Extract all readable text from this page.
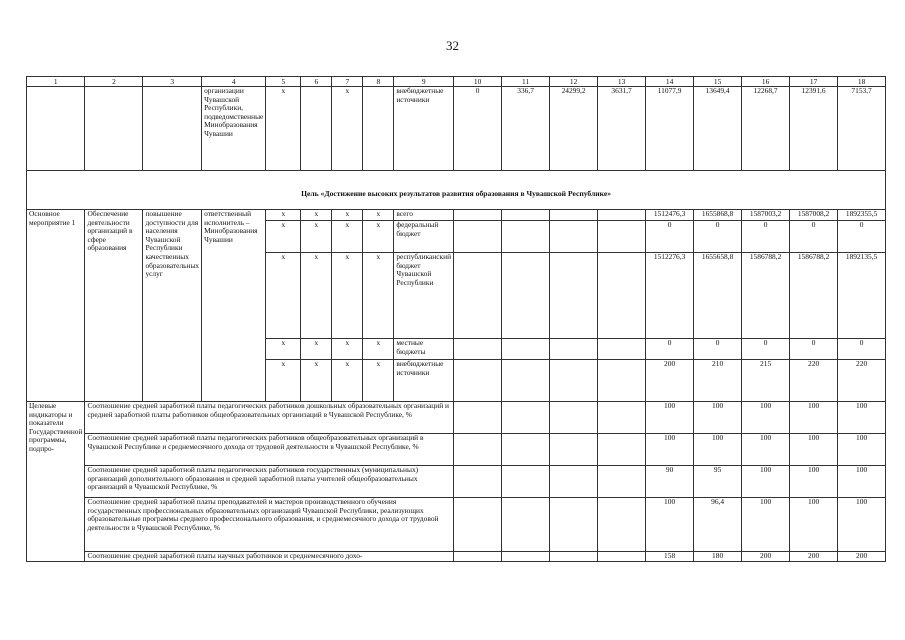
32
1	2	3	4	5	6	7	8	9	10	11	12	13	14	15	16	17	18
			организации Чувашской Республики, подведомственные Минобразования Чувашии	x		x		внебюджетные источники	0	336,7	24299,2	3631,7	11077,9	13649,4	12268,7	12391,6	7153,7
Цель «Достижение высоких результатов развития образования в Чувашской Республике»																	
Основное мероприятие 1	Обеспечение деятельности организаций в сфере образования	повышение доступности для населения Чувашской Республики качественных образовательных услуг	ответственный исполнитель – Минобразования Чувашии	x	x	x	x	всего					1512476,3	1655868,8	1587003,2	1587008,2	1892355,5
				x	x	x	x	федеральный бюджет					0	0	0	0	0
				x	x	x	x	республиканский бюджет Чувашской Республики					1512276,3	1655658,8	1586788,2	1586788,2	1892135,5
				x	x	x	x	местные бюджеты					0	0	0	0	0
				x	x	x	x	внебюджетные источники					200	210	215	220	220
Целевые индикаторы и показатели Государственной программы, подпро-	Соотношение средней заработной платы педагогических работников дошкольных образовательных организаций и средней заработной платы работников общеобразовательных организаций в Чувашской Республике, %												100	100	100	100	100
	Соотношение средней заработной платы педагогических работников общеобразовательных организаций в Чувашской Республике и среднемесячного дохода от трудовой деятельности в Чувашской Республике, %												100	100	100	100	100
	Соотношение средней заработной платы педагогических работников государственных (муниципальных) организаций дополнительного образования и средней заработной платы учителей общеобразовательных организаций в Чувашской Республике, %												90	95	100	100	100
	Соотношение средней заработной платы преподавателей и мастеров производственного обучения государственных профессиональных образовательных организаций Чувашской Республики, реализующих образовательные программы среднего профессионального образования, и среднемесячного дохода от трудовой деятельности в Чувашской Республике, %												100	96,4	100	100	100
	Соотношение средней заработной платы научных работников и среднемесячного дохо-												158	180	200	200	200
